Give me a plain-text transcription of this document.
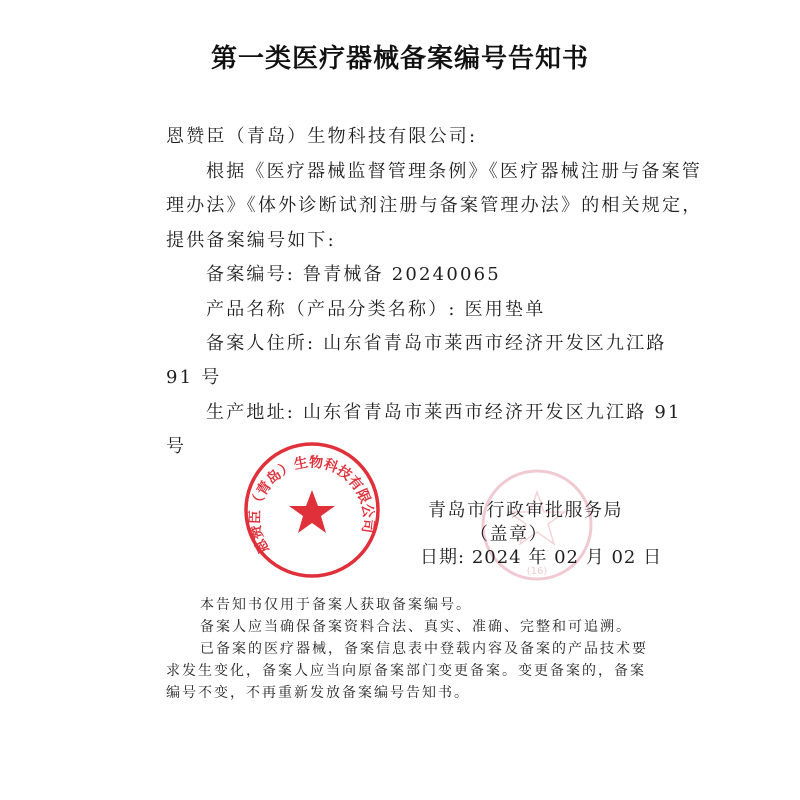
第一类医疗器械备案编号告知书
恩赞臣（青岛）生物科技有限公司:
根据《医疗器械监督管理条例》《医疗器械注册与备案管
理办法》《体外诊断试剂注册与备案管理办法》的相关规定，
提供备案编号如下:
备案编号: 鲁青械备 20240065
产品名称（产品分类名称）: 医用垫单
备案人住所: 山东省青岛市莱西市经济开发区九江路
91 号
生产地址: 山东省青岛市莱西市经济开发区九江路 91
号
(16)
青岛市行政审批服务局
（盖章）
日期: 2024 年 02 月 02 日
恩赞臣（青岛）生物科技有限公司
本告知书仅用于备案人获取备案编号。
备案人应当确保备案资料合法、真实、准确、完整和可追溯。
已备案的医疗器械，备案信息表中登载内容及备案的产品技术要
求发生变化，备案人应当向原备案部门变更备案。变更备案的，备案
编号不变，不再重新发放备案编号告知书。
